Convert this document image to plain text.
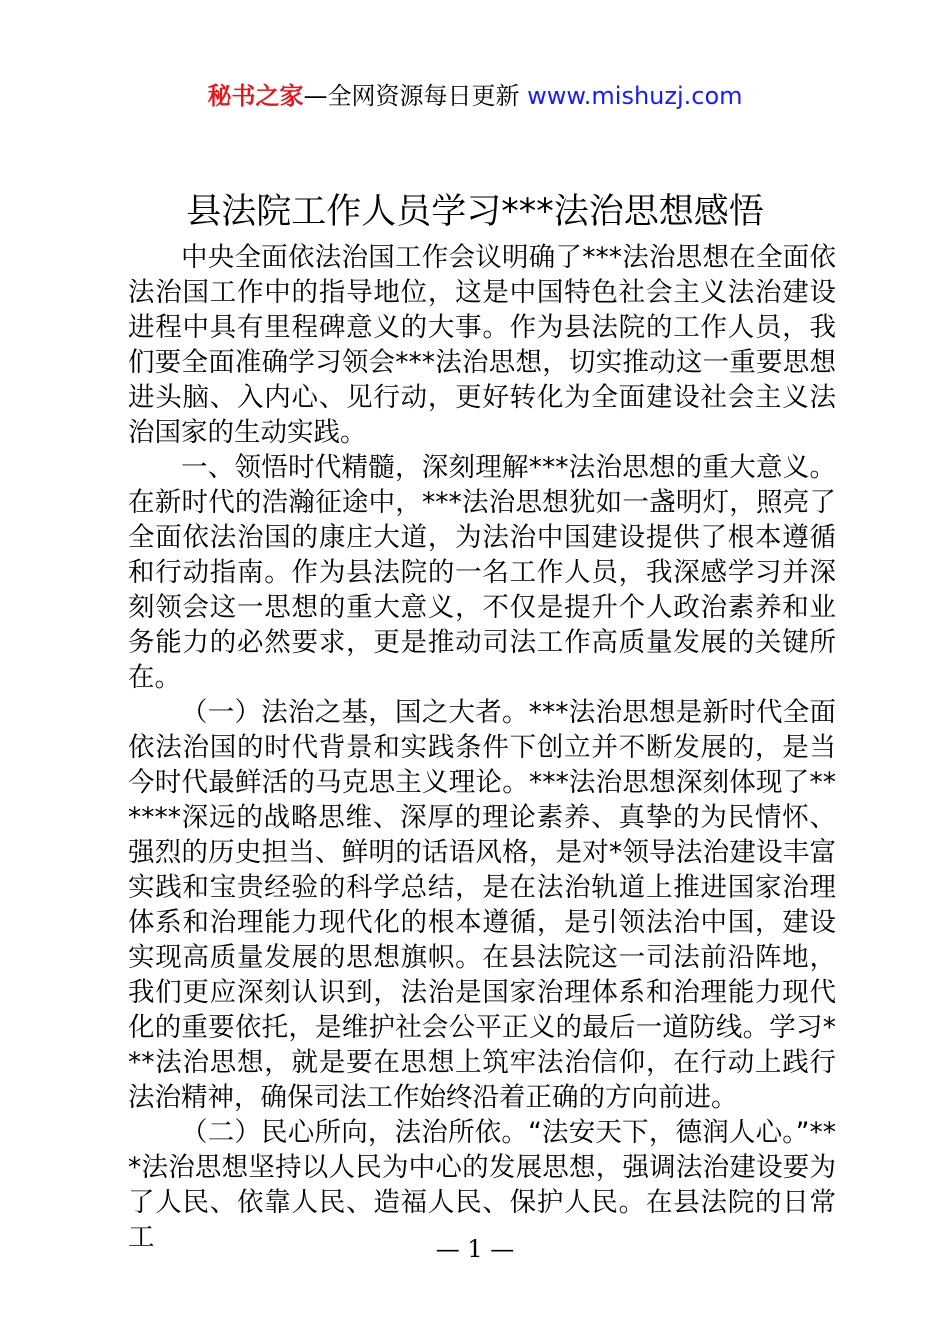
秘书之家—全网资源每日更新 www.mishuzj.com
县法院工作人员学习***法治思想感悟

中央全面依法治国工作会议明确了***法治思想在全面依法治国工作中的指导地位，这是中国特色社会主义法治建设进程中具有里程碑意义的大事。作为县法院的工作人员，我们要全面准确学习领会***法治思想，切实推动这一重要思想进头脑、入内心、见行动，更好转化为全面建设社会主义法治国家的生动实践。

一、领悟时代精髓，深刻理解***法治思想的重大意义。在新时代的浩瀚征途中，***法治思想犹如一盏明灯，照亮了全面依法治国的康庄大道，为法治中国建设提供了根本遵循和行动指南。作为县法院的一名工作人员，我深感学习并深刻领会这一思想的重大意义，不仅是提升个人政治素养和业务能力的必然要求，更是推动司法工作高质量发展的关键所在。

（一）法治之基，国之大者。***法治思想是新时代全面依法治国的时代背景和实践条件下创立并不断发展的，是当今时代最鲜活的马克思主义理论。***法治思想深刻体现了******深远的战略思维、深厚的理论素养、真挚的为民情怀、强烈的历史担当、鲜明的话语风格，是对*领导法治建设丰富实践和宝贵经验的科学总结，是在法治轨道上推进国家治理体系和治理能力现代化的根本遵循，是引领法治中国，建设实现高质量发展的思想旗帜。在县法院这一司法前沿阵地，我们更应深刻认识到，法治是国家治理体系和治理能力现代化的重要依托，是维护社会公平正义的最后一道防线。学习***法治思想，就是要在思想上筑牢法治信仰，在行动上践行法治精神，确保司法工作始终沿着正确的方向前进。

（二）民心所向，法治所依。“法安天下，德润人心。”***法治思想坚持以人民为中心的发展思想，强调法治建设要为了人民、依靠人民、造福人民、保护人民。在县法院的日常工	— 1 —
